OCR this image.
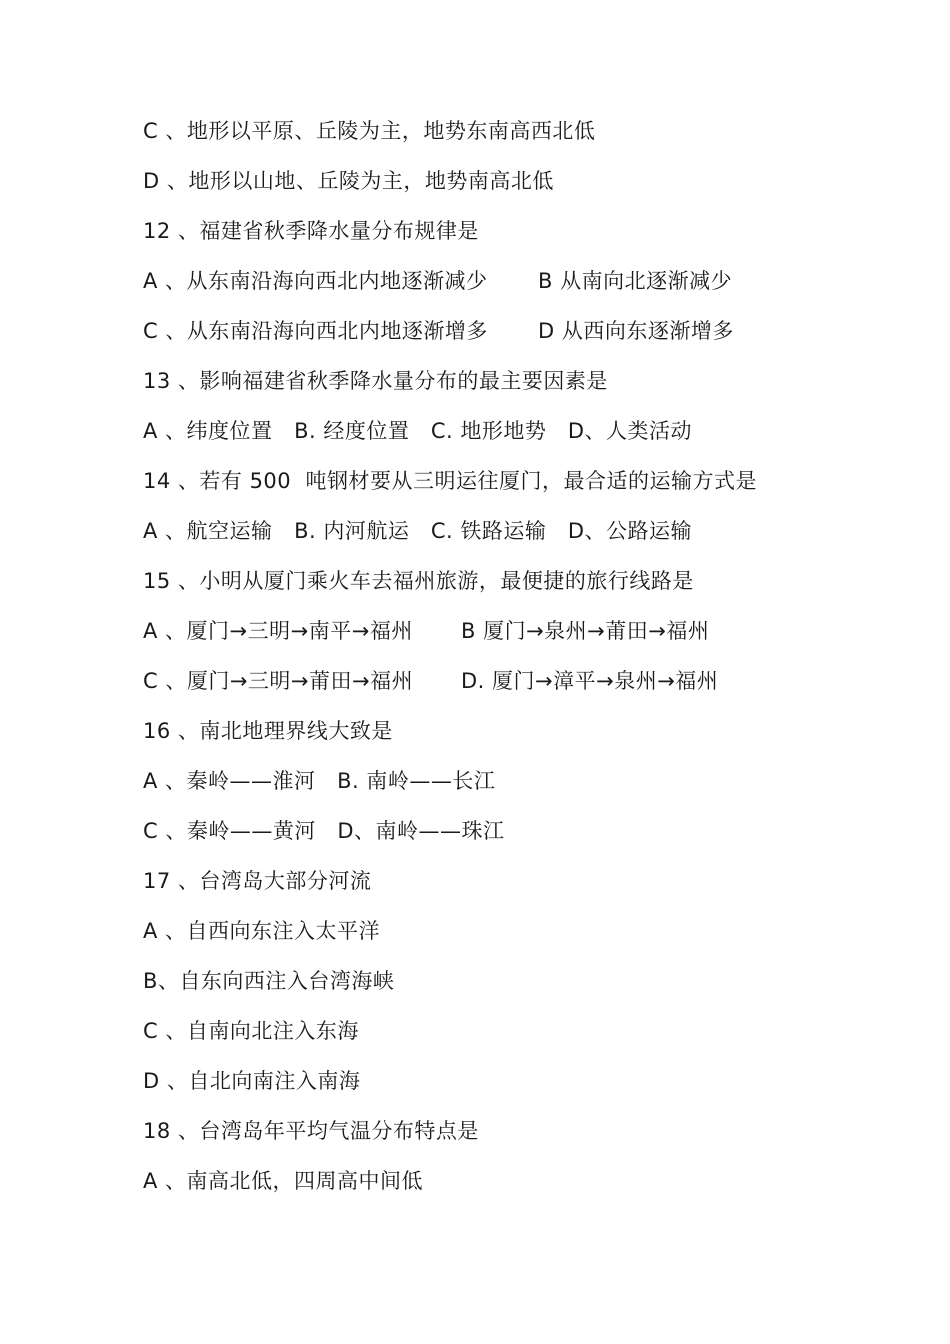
C 、地形以平原、丘陵为主，地势东南高西北低
D 、地形以山地、丘陵为主，地势南高北低
12 、福建省秋季降水量分布规律是

A 、从东南沿海向西北内地逐渐减少

B 从南向北逐渐减少

C 、从东南沿海向西北内地逐渐增多

D 从西向东逐渐增多

13 、影响福建省秋季降水量分布的最主要因素是
A 、纬度位置   B. 经度位置   C. 地形地势   D、人类活动
14 、若有 500  吨钢材要从三明运往厦门，最合适的运输方式是
A 、航空运输   B. 内河航运   C. 铁路运输   D、公路运输
15 、小明从厦门乘火车去福州旅游，最便捷的旅行线路是

A 、厦门→三明→南平→福州

B 厦门→泉州→莆田→福州

C 、厦门→三明→莆田→福州

D. 厦门→漳平→泉州→福州

16 、南北地理界线大致是
A 、秦岭——淮河   B. 南岭——长江
C 、秦岭——黄河   D、南岭——珠江
17 、台湾岛大部分河流
A 、自西向东注入太平洋
B、自东向西注入台湾海峡
C 、自南向北注入东海
D 、自北向南注入南海
18 、台湾岛年平均气温分布特点是
A 、南高北低，四周高中间低
